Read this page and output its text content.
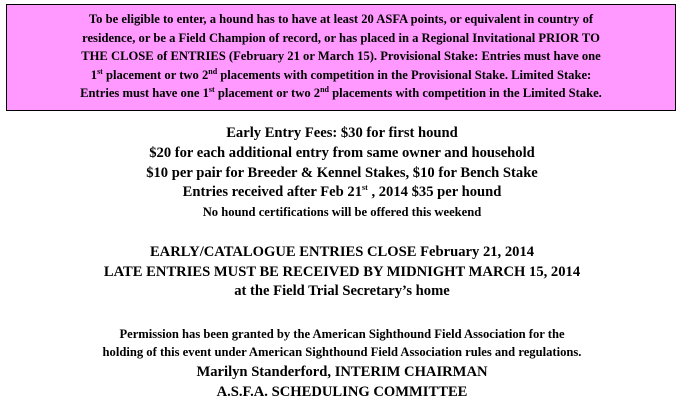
To be eligible to enter, a hound has to have at least 20 ASFA points, or equivalent in country of
residence, or be a Field Champion of record, or has placed in a Regional Invitational PRIOR TO
THE CLOSE of ENTRIES (February 21 or March 15). Provisional Stake: Entries must have one
1st placement or two 2nd placements with competition in the Provisional Stake. Limited Stake:
Entries must have one 1st placement or two 2nd placements with competition in the Limited Stake.
Early Entry Fees: $30 for first hound
$20 for each additional entry from same owner and household
$10 per pair for Breeder & Kennel Stakes, $10 for Bench Stake
Entries received after Feb 21st , 2014 $35 per hound
No hound certifications will be offered this weekend
EARLY/CATALOGUE ENTRIES CLOSE February 21, 2014
LATE ENTRIES MUST BE RECEIVED BY MIDNIGHT MARCH 15, 2014
at the Field Trial Secretary’s home
Permission has been granted by the American Sighthound Field Association for the
holding of this event under American Sighthound Field Association rules and regulations.
Marilyn Standerford, INTERIM CHAIRMAN
A.S.F.A. SCHEDULING COMMITTEE
